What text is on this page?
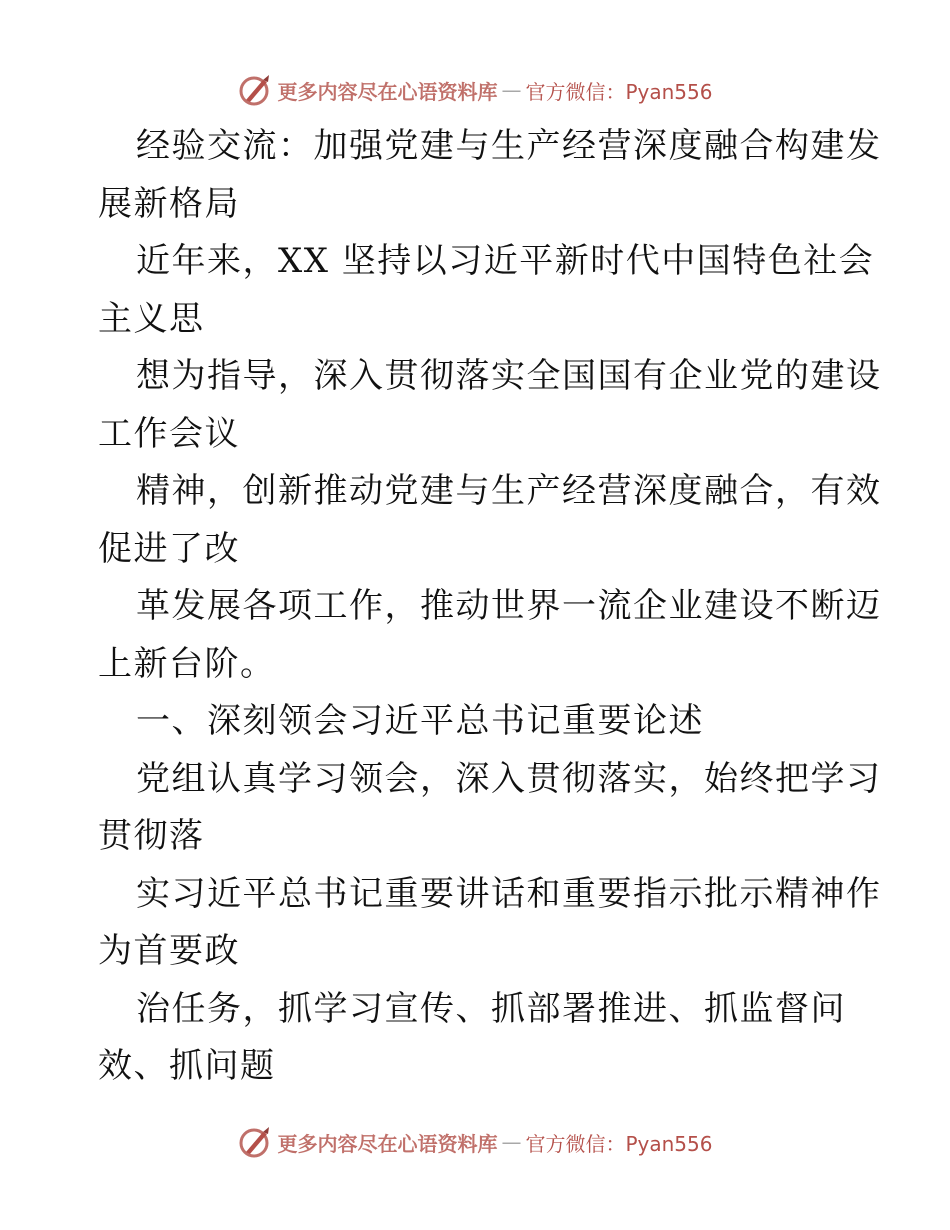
更多内容尽在心语资料库 — 官方微信：Pyan556
经验交流：加强党建与生产经营深度融合构建发
展新格局
近年来，XX 坚持以习近平新时代中国特色社会
主义思
想为指导，深入贯彻落实全国国有企业党的建设
工作会议
精神，创新推动党建与生产经营深度融合，有效
促进了改
革发展各项工作，推动世界一流企业建设不断迈
上新台阶。
一、深刻领会习近平总书记重要论述
党组认真学习领会，深入贯彻落实，始终把学习
贯彻落
实习近平总书记重要讲话和重要指示批示精神作
为首要政
治任务，抓学习宣传、抓部署推进、抓监督问
效、抓问题
更多内容尽在心语资料库 — 官方微信：Pyan556
